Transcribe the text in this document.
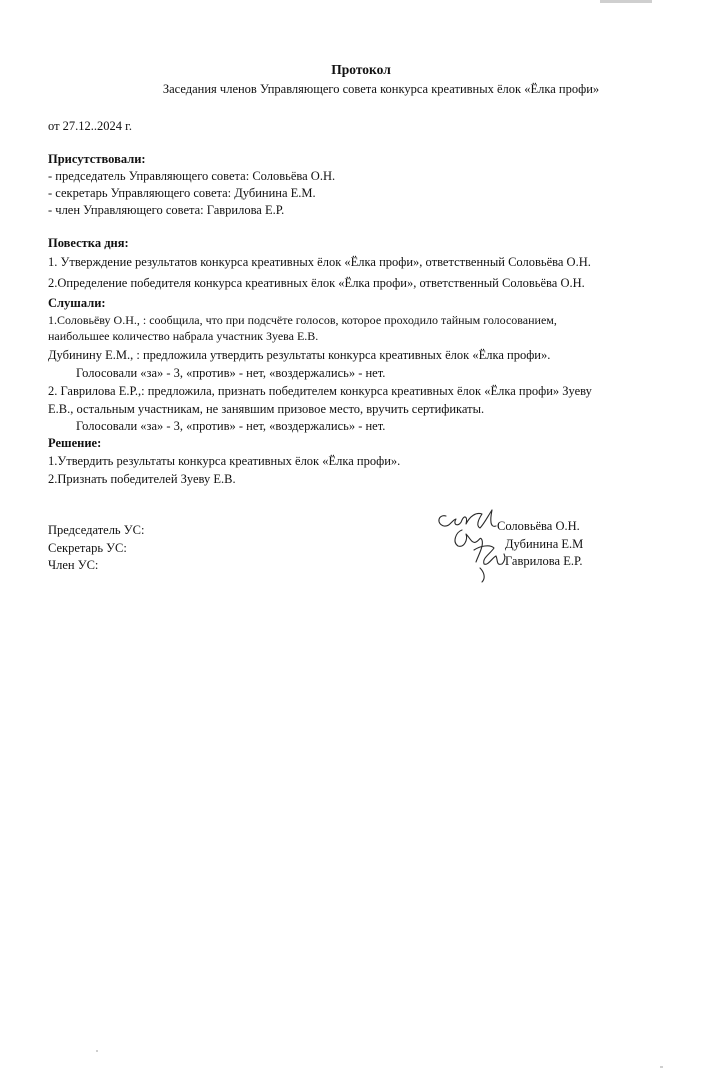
Протокол
Заседания членов Управляющего совета конкурса креативных ёлок «Ёлка профи»
от 27.12..2024 г.
Присутствовали:
- председатель Управляющего совета: Соловьёва О.Н.
- секретарь Управляющего совета: Дубинина Е.М.
- член Управляющего совета: Гаврилова Е.Р.
Повестка дня:
1. Утверждение результатов конкурса креативных ёлок «Ёлка профи», ответственный Соловьёва О.Н.
2.Определение победителя конкурса креативных ёлок «Ёлка профи», ответственный Соловьёва О.Н.
Слушали:
1.Соловьёву О.Н., : сообщила, что при подсчёте голосов, которое проходило тайным голосованием,
наибольшее количество набрала участник Зуева Е.В.
Дубинину Е.М., : предложила утвердить результаты конкурса креативных ёлок «Ёлка профи».
Голосовали «за» - 3, «против» - нет, «воздержались» - нет.
2. Гаврилова Е.Р.,: предложила, признать победителем конкурса креативных ёлок «Ёлка профи» Зуеву
Е.В., остальным участникам, не занявшим призовое место, вручить сертификаты.
Голосовали «за» - 3, «против» - нет, «воздержались» - нет.
Решение:
1.Утвердить результаты конкурса креативных ёлок «Ёлка профи».
2.Признать победителей Зуеву Е.В.
Председатель УС:
Секретарь УС:
Член УС:
Соловьёва О.Н.
Дубинина Е.М
Гаврилова Е.Р.
